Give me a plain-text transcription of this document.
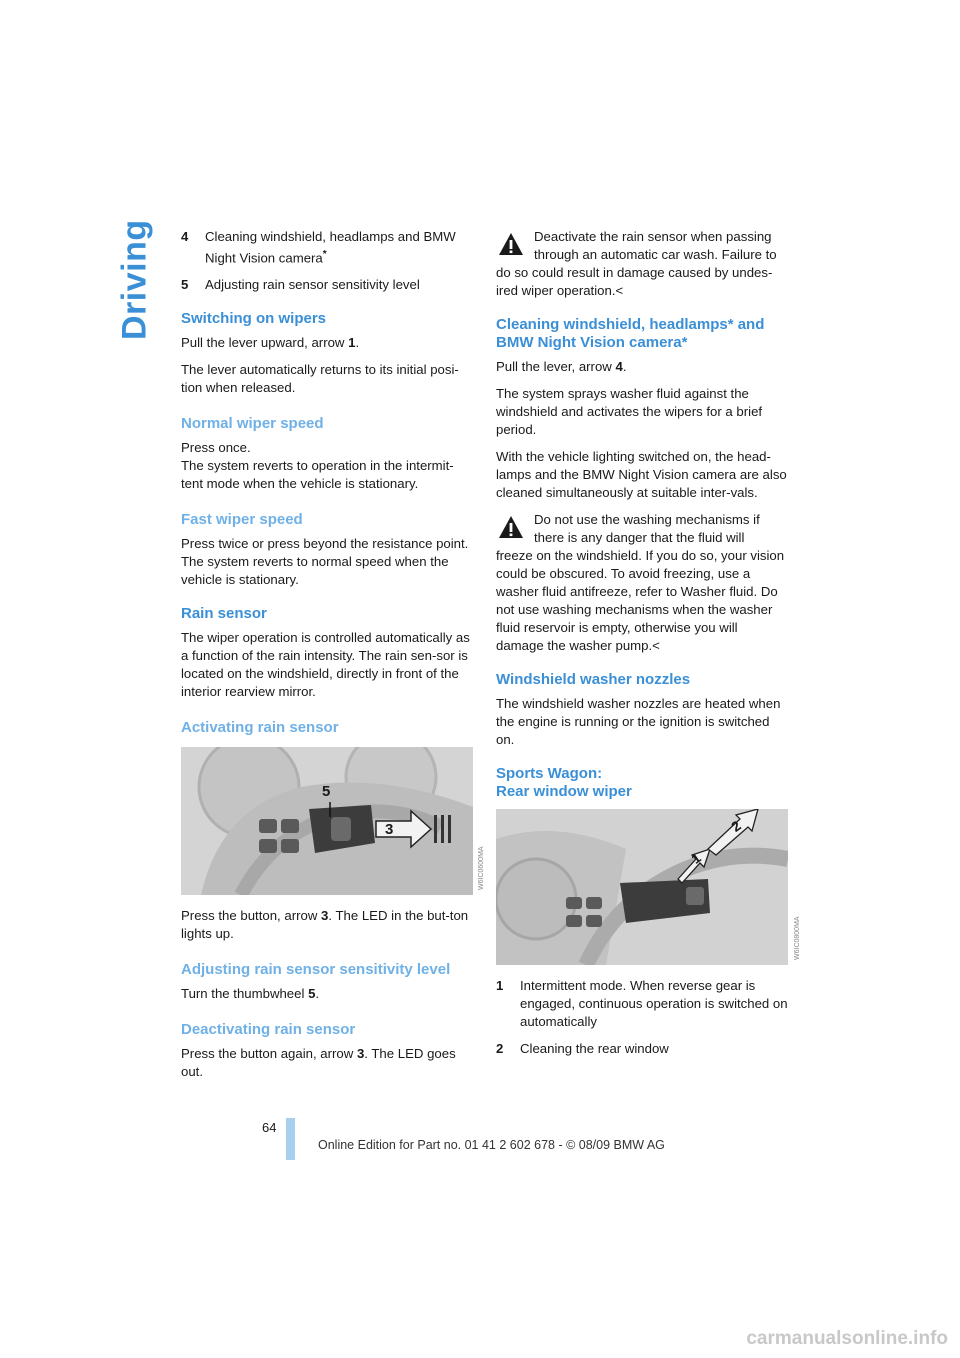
Driving	4	Cleaning windshield, headlamps and BMW Night Vision camera*
5	Adjusting rain sensor sensitivity level
Switching on wipers

Pull the lever upward, arrow 1.

The lever automatically returns to its initial posi-tion when released.

Normal wiper speed

Press once.
The system reverts to operation in the intermit-tent mode when the vehicle is stationary.

Fast wiper speed

Press twice or press beyond the resistance point.
The system reverts to normal speed when the vehicle is stationary.

Rain sensor

The wiper operation is controlled automatically as a function of the rain intensity. The rain sen-sor is located on the windshield, directly in front of the interior rearview mirror.

Activating rain sensor
5
3

Press the button, arrow 3. The LED in the but-ton lights up.

Adjusting rain sensor sensitivity level

Turn the thumbwheel 5.

Deactivating rain sensor

Press the button again, arrow 3. The LED goes out.

W6IC0600MA
Deactivate the rain sensor when passing
through an automatic car wash. Failure to
do so could result in damage caused by undes-ired wiper operation.<
Cleaning windshield, headlamps* and BMW Night Vision camera*

Pull the lever, arrow 4.

The system sprays washer fluid against the windshield and activates the wipers for a brief period.

With the vehicle lighting switched on, the head-lamps and the BMW Night Vision camera are also cleaned simultaneously at suitable inter-vals.

Do not use the washing mechanisms if
there is any danger that the fluid will
freeze on the windshield. If you do so, your vision could be obscured. To avoid freezing, use a washer fluid antifreeze, refer to Washer fluid. Do not use washing mechanisms when the washer fluid reservoir is empty, otherwise you will damage the washer pump.<
Windshield washer nozzles

The windshield washer nozzles are heated when the engine is running or the ignition is switched on.

Sports Wagon:
Rear window wiper
1
2
1	Intermittent mode. When reverse gear is engaged, continuous operation is switched on automatically
2	Cleaning the rear window
W6IC0800MA
64
Online Edition for Part no. 01 41 2 602 678 - © 08/09 BMW AG
carmanualsonline.info
